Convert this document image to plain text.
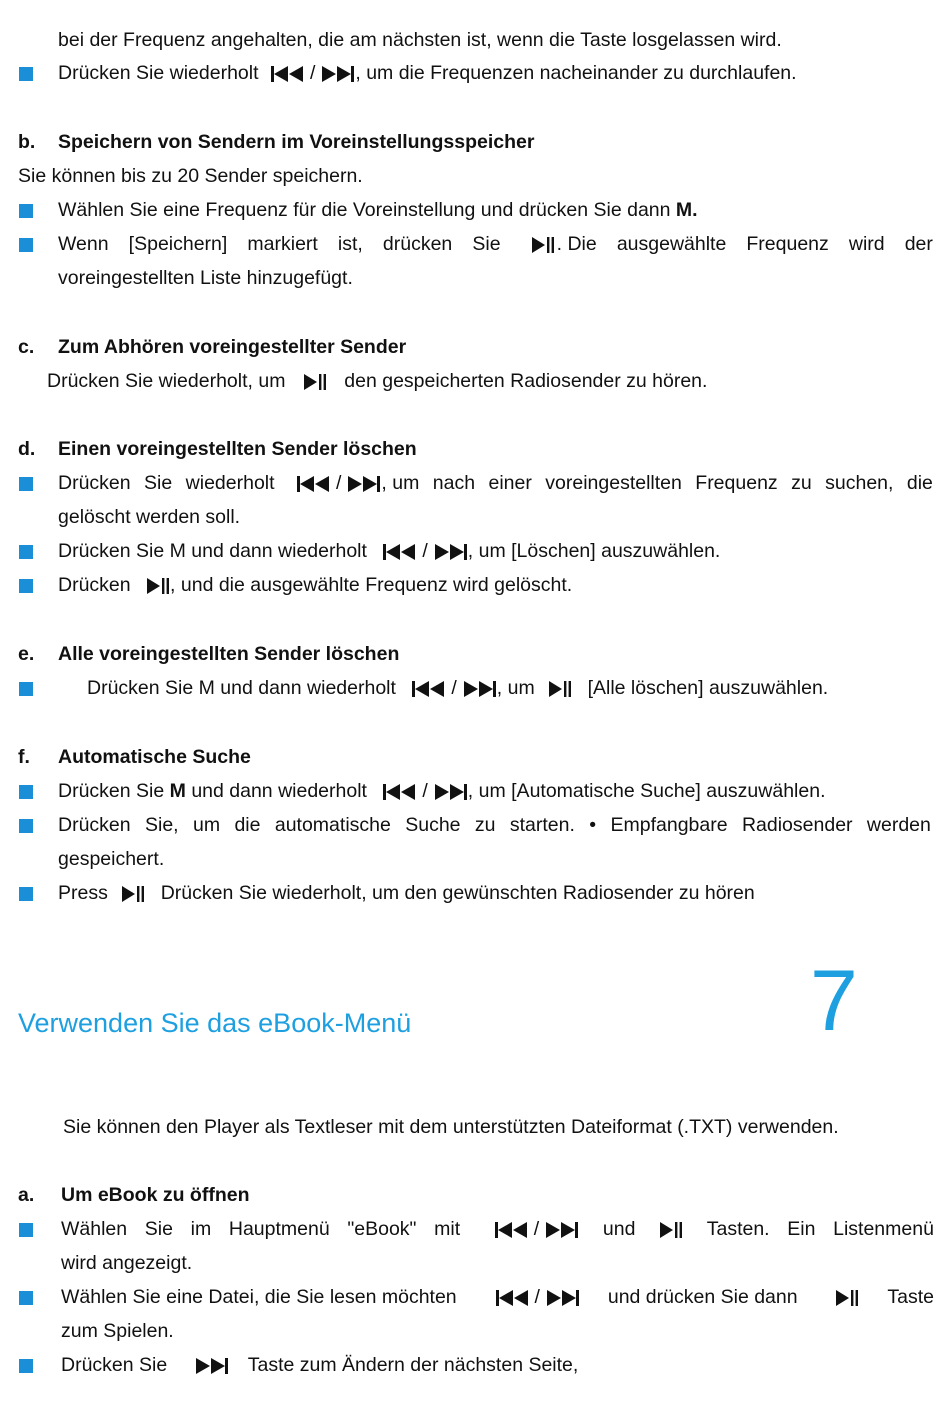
bei der Frequenz angehalten, die am nächsten ist, wenn die Taste losgelassen wird.
Drücken Sie wiederholt	/ , um die Frequenzen nacheinander zu durchlaufen.
b. Speichern von Sendern im Voreinstellungsspeicher
Sie können bis zu 20 Sender speichern.
Wählen Sie eine Frequenz für die Voreinstellung und drücken Sie dann M.
Wenn [Speichern] markiert ist, drücken Sie	. Die ausgewählte Frequenz wird der
voreingestellten Liste hinzugefügt.
c. Zum Abhören voreingestellter Sender
Drücken Sie wiederholt, um	den gespeicherten Radiosender zu hören.
d. Einen voreingestellten Sender löschen
Drücken Sie wiederholt	/ , um nach einer voreingestellten Frequenz zu suchen, die
gelöscht werden soll.
Drücken Sie M und dann wiederholt	/ , um [Löschen] auszuwählen.
Drücken , und die ausgewählte Frequenz wird gelöscht.
e. Alle voreingestellten Sender löschen
Drücken Sie M und dann wiederholt	/ , um	[Alle löschen] auszuwählen.
f. Automatische Suche
Drücken Sie M und dann wiederholt	/ , um [Automatische Suche] auszuwählen.
Drücken Sie, um die automatische Suche zu starten. • Empfangbare Radiosender werden
gespeichert.
Press	Drücken Sie wiederholt, um den gewünschten Radiosender zu hören
Verwenden Sie das eBook-Menü	7
Sie können den Player als Textleser mit dem unterstützten Dateiformat (.TXT) verwenden.
a. Um eBook zu öffnen
Wählen Sie im Hauptmenü "eBook" mit	/	und	Tasten. Ein Listenmenü
wird angezeigt.
Wählen Sie eine Datei, die Sie lesen möchten	/	und drücken Sie dann	Taste
zum Spielen.
Drücken Sie	Taste zum Ändern der nächsten Seite,
